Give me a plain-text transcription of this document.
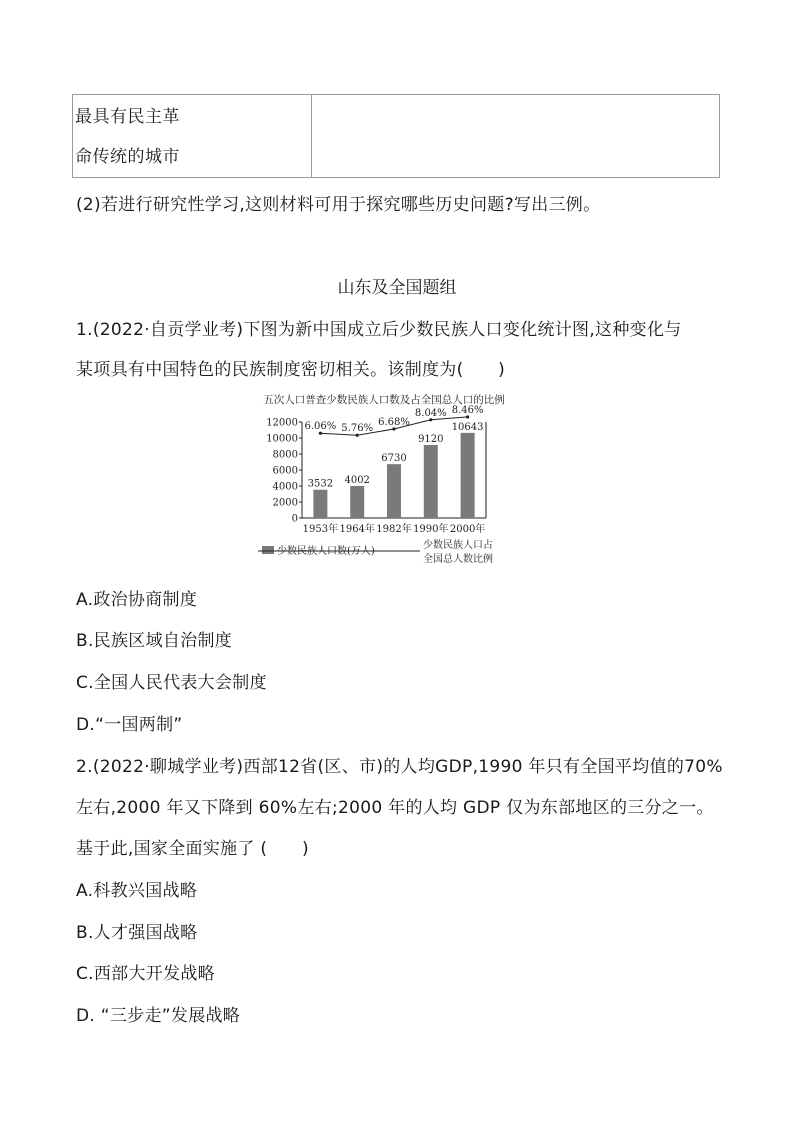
最具有民主革
命传统的城市

(2)若进行研究性学习,这则材料可用于探究哪些历史问题?写出三例。
山东及全国题组
1.(2022·自贡学业考)下图为新中国成立后少数民族人口变化统计图,这种变化与
某项具有中国特色的民族制度密切相关。该制度为(　　)
五次人口普查少数民族人口数及占全国总人口的比例
0
2000
4000
6000
8000
10000
12000
3532 4002
6730
9120
10643
6.06% 5.76%
6.68%
8.04% 8.46%
1953年 1964年 1982年 1990年 2000年
少数民族人口数(万人)
少数民族人口占
全国总人数比例
A.政治协商制度
B.民族区域自治制度
C.全国人民代表大会制度
D.“一国两制”
2.(2022·聊城学业考)西部12省(区、市)的人均GDP,1990 年只有全国平均值的70%
左右,2000 年又下降到 60%左右;2000 年的人均 GDP 仅为东部地区的三分之一。
基于此,国家全面实施了 (　　)
A.科教兴国战略
B.人才强国战略
C.西部大开发战略
D. “三步走”发展战略
